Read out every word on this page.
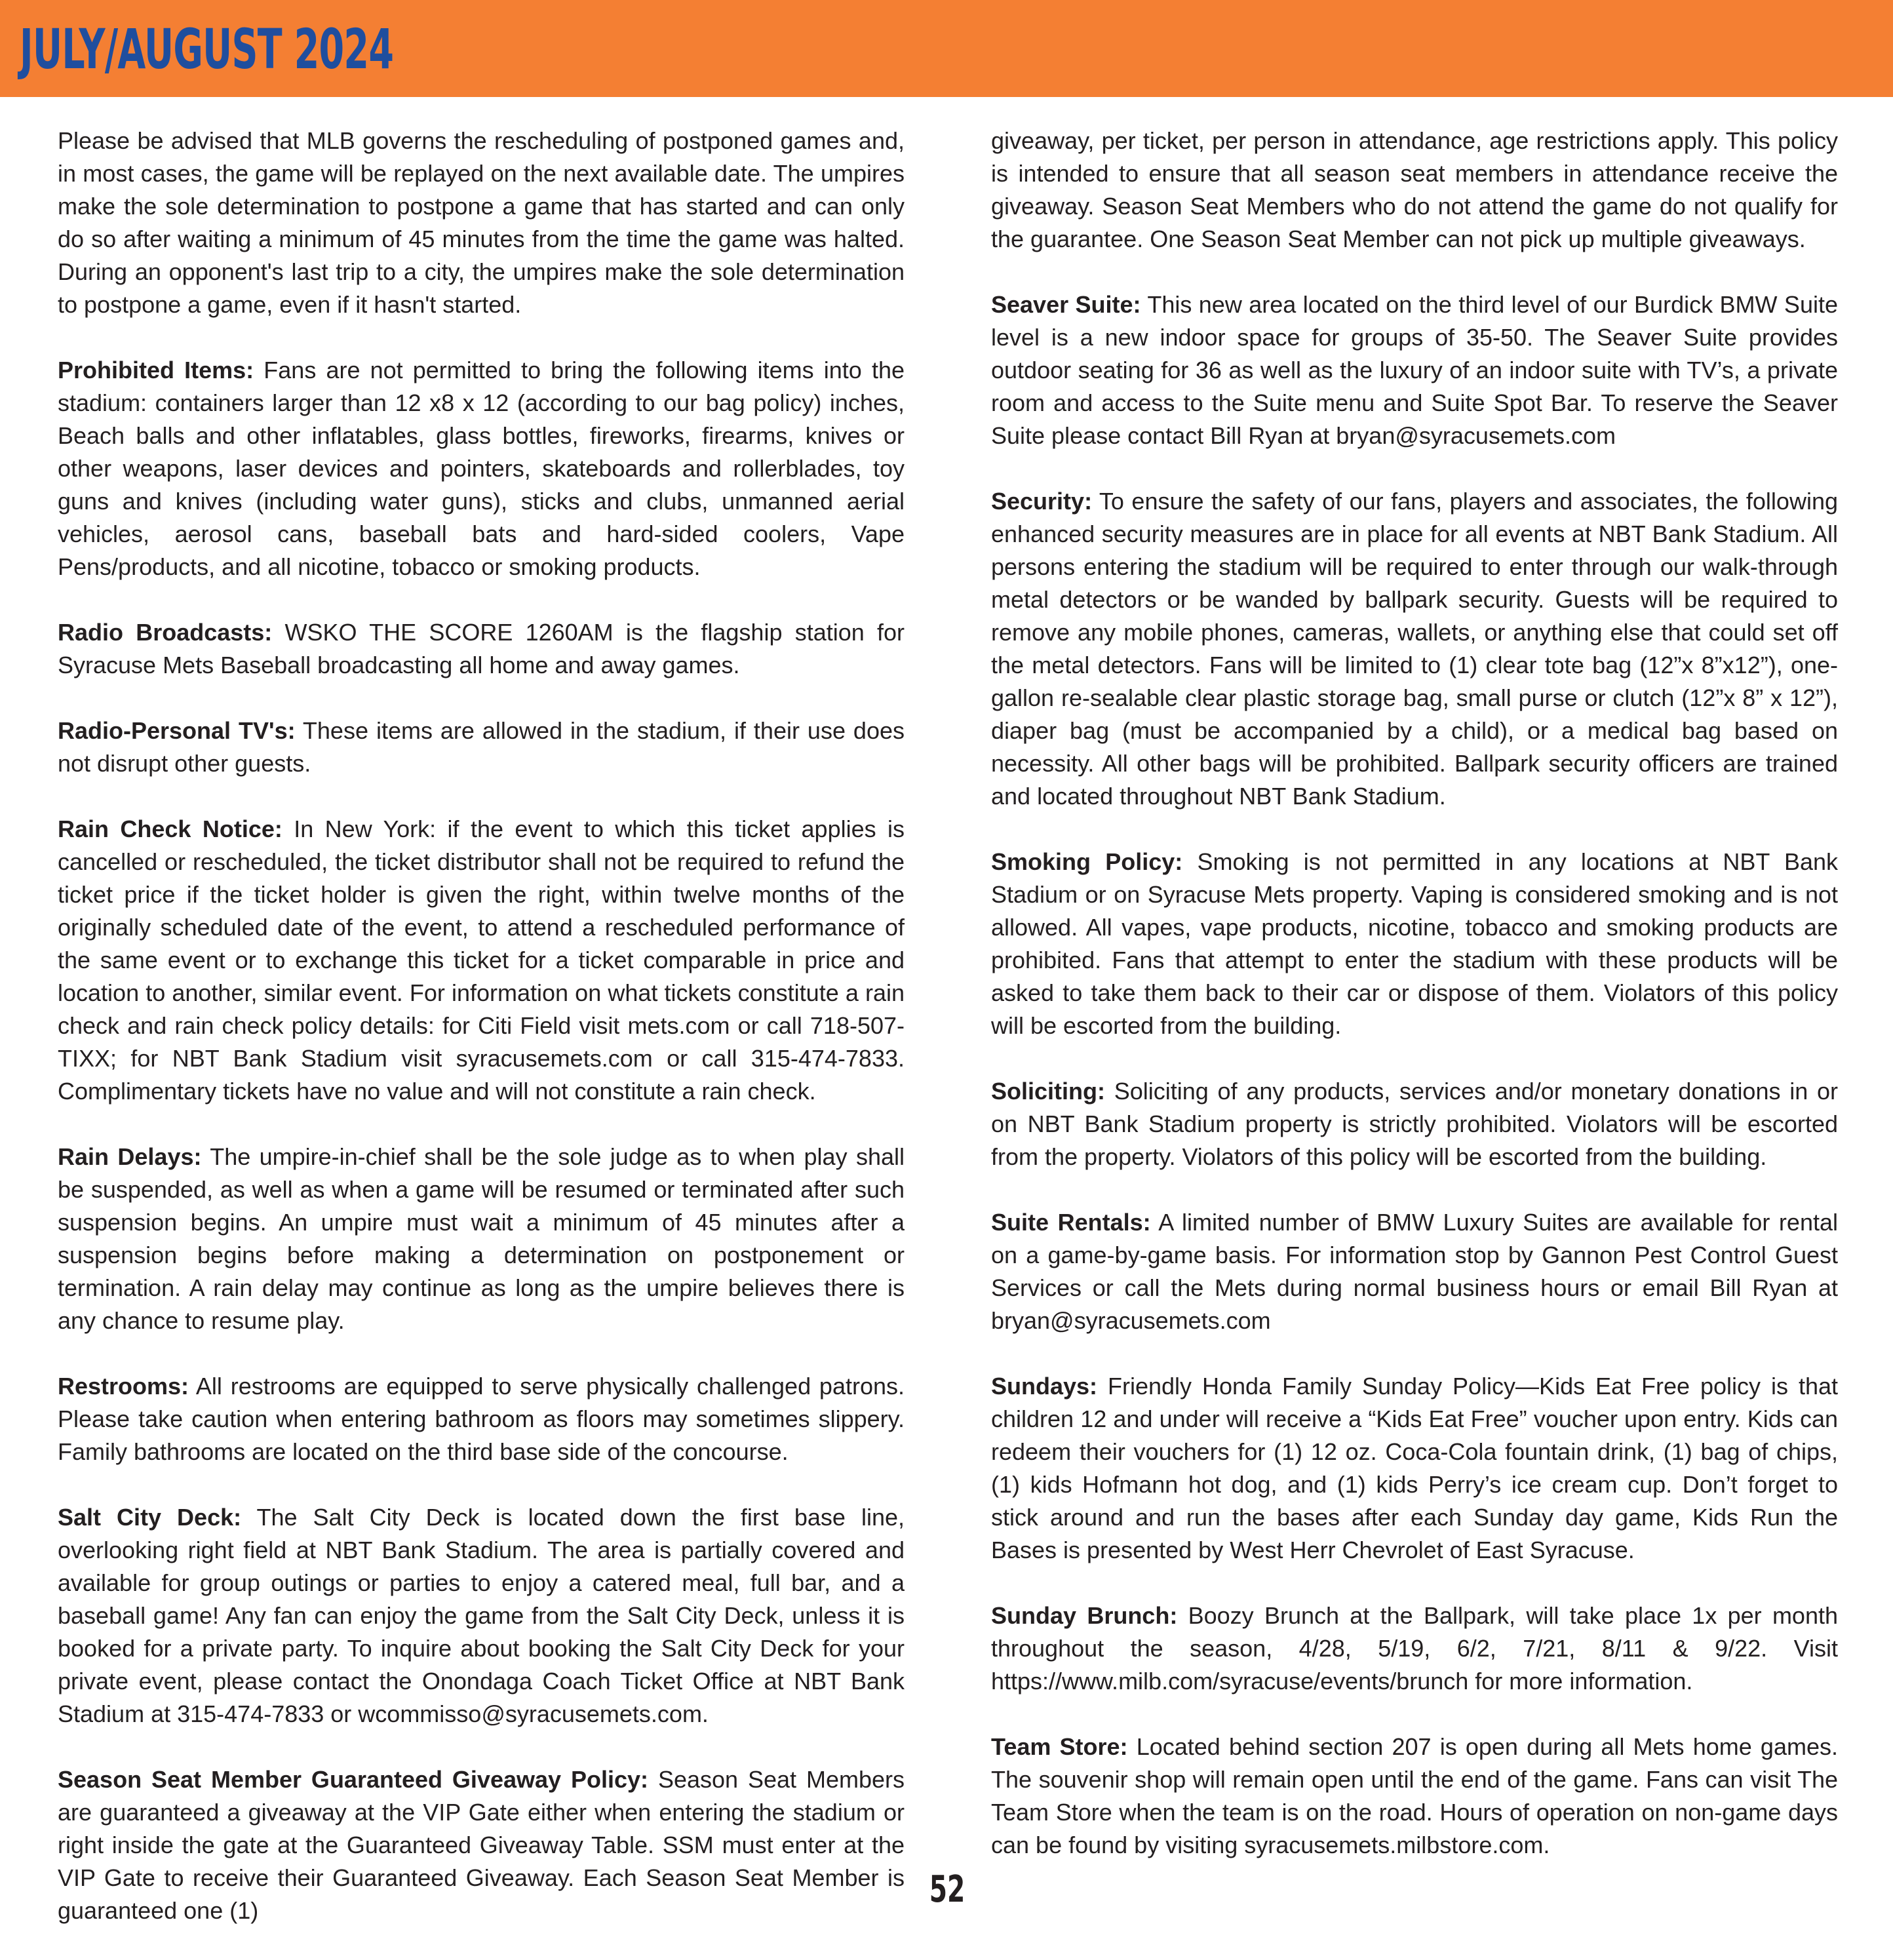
JULY/AUGUST 2024

Please be advised that MLB governs the rescheduling of postponed games and, in most cases, the game will be replayed on the next available date. The umpires make the sole determination to postpone a game that has started and can only do so after waiting a minimum of 45 minutes from the time the game was halted. During an opponent's last trip to a city, the umpires make the sole determination to postpone a game, even if it hasn't started.

Prohibited Items: Fans are not permitted to bring the following items into the stadium: containers larger than 12 x8 x 12 (according to our bag policy) inches, Beach balls and other inflatables, glass bottles, fireworks, firearms, knives or other weapons, laser devices and pointers, skateboards and rollerblades, toy guns and knives (including water guns), sticks and clubs, unmanned aerial vehicles, aerosol cans, baseball bats and hard-sided coolers, Vape Pens/products, and all nicotine, tobacco or smoking products.

Radio Broadcasts: WSKO THE SCORE 1260AM is the flagship station for Syracuse Mets Baseball broadcasting all home and away games.

Radio-Personal TV's: These items are allowed in the stadium, if their use does not disrupt other guests.

Rain Check Notice: In New York: if the event to which this ticket applies is cancelled or rescheduled, the ticket distributor shall not be required to refund the ticket price if the ticket holder is given the right, within twelve months of the originally scheduled date of the event, to attend a rescheduled performance of the same event or to exchange this ticket for a ticket comparable in price and location to another, similar event. For information on what tickets constitute a rain check and rain check policy details: for Citi Field visit mets.com or call 718-507-TIXX; for NBT Bank Stadium visit syracusemets.com or call 315-474-7833. Complimentary tickets have no value and will not constitute a rain check.

Rain Delays: The umpire-in-chief shall be the sole judge as to when play shall be suspended, as well as when a game will be resumed or terminated after such suspension begins. An umpire must wait a minimum of 45 minutes after a suspension begins before making a determination on postponement or termination. A rain delay may continue as long as the umpire believes there is any chance to resume play.

Restrooms: All restrooms are equipped to serve physically challenged patrons. Please take caution when entering bathroom as floors may sometimes slippery. Family bathrooms are located on the third base side of the concourse.

Salt City Deck: The Salt City Deck is located down the first base line, overlooking right field at NBT Bank Stadium. The area is partially covered and available for group outings or parties to enjoy a catered meal, full bar, and a baseball game! Any fan can enjoy the game from the Salt City Deck, unless it is booked for a private party. To inquire about booking the Salt City Deck for your private event, please contact the Onondaga Coach Ticket Office at NBT Bank Stadium at 315-474-7833 or wcommisso@syracusemets.com.

Season Seat Member Guaranteed Giveaway Policy: Season Seat Members are guaranteed a giveaway at the VIP Gate either when entering the stadium or right inside the gate at the Guaranteed Giveaway Table. SSM must enter at the VIP Gate to receive their Guaranteed Giveaway. Each Season Seat Member is guaranteed one (1)

giveaway, per ticket, per person in attendance, age restrictions apply. This policy is intended to ensure that all season seat members in attendance receive the giveaway. Season Seat Members who do not attend the game do not qualify for the guarantee. One Season Seat Member can not pick up multiple giveaways.

Seaver Suite: This new area located on the third level of our Burdick BMW Suite level is a new indoor space for groups of 35-50. The Seaver Suite provides outdoor seating for 36 as well as the luxury of an indoor suite with TV’s, a private room and access to the Suite menu and Suite Spot Bar. To reserve the Seaver Suite please contact Bill Ryan at bryan@syracusemets.com

Security: To ensure the safety of our fans, players and associates, the following enhanced security measures are in place for all events at NBT Bank Stadium. All persons entering the stadium will be required to enter through our walk-through metal detectors or be wanded by ballpark security. Guests will be required to remove any mobile phones, cameras, wallets, or anything else that could set off the metal detectors. Fans will be limited to (1) clear tote bag (12”x 8”x12”), one-gallon re-sealable clear plastic storage bag, small purse or clutch (12”x 8” x 12”), diaper bag (must be accompanied by a child), or a medical bag based on necessity. All other bags will be prohibited. Ballpark security officers are trained and located throughout NBT Bank Stadium.

Smoking Policy: Smoking is not permitted in any locations at NBT Bank Stadium or on Syracuse Mets property. Vaping is considered smoking and is not allowed. All vapes, vape products, nicotine, tobacco and smoking products are prohibited. Fans that attempt to enter the stadium with these products will be asked to take them back to their car or dispose of them. Violators of this policy will be escorted from the building.

Soliciting: Soliciting of any products, services and/or monetary donations in or on NBT Bank Stadium property is strictly prohibited. Violators will be escorted from the property. Violators of this policy will be escorted from the building.

Suite Rentals: A limited number of BMW Luxury Suites are available for rental on a game-by-game basis. For information stop by Gannon Pest Control Guest Services or call the Mets during normal business hours or email Bill Ryan at bryan@syracusemets.com

Sundays: Friendly Honda Family Sunday Policy—Kids Eat Free policy is that children 12 and under will receive a “Kids Eat Free” voucher upon entry. Kids can redeem their vouchers for (1) 12 oz. Coca-Cola fountain drink, (1) bag of chips, (1) kids Hofmann hot dog, and (1) kids Perry’s ice cream cup. Don’t forget to stick around and run the bases after each Sunday day game, Kids Run the Bases is presented by West Herr Chevrolet of East Syracuse.

Sunday Brunch: Boozy Brunch at the Ballpark, will take place 1x per month throughout the season, 4/28, 5/19, 6/2, 7/21, 8/11 & 9/22. Visit https://www.milb.com/syracuse/events/brunch for more information.

Team Store: Located behind section 207 is open during all Mets home games. The souvenir shop will remain open until the end of the game. Fans can visit The Team Store when the team is on the road. Hours of operation on non-game days can be found by visiting syracusemets.milbstore.com.

52
